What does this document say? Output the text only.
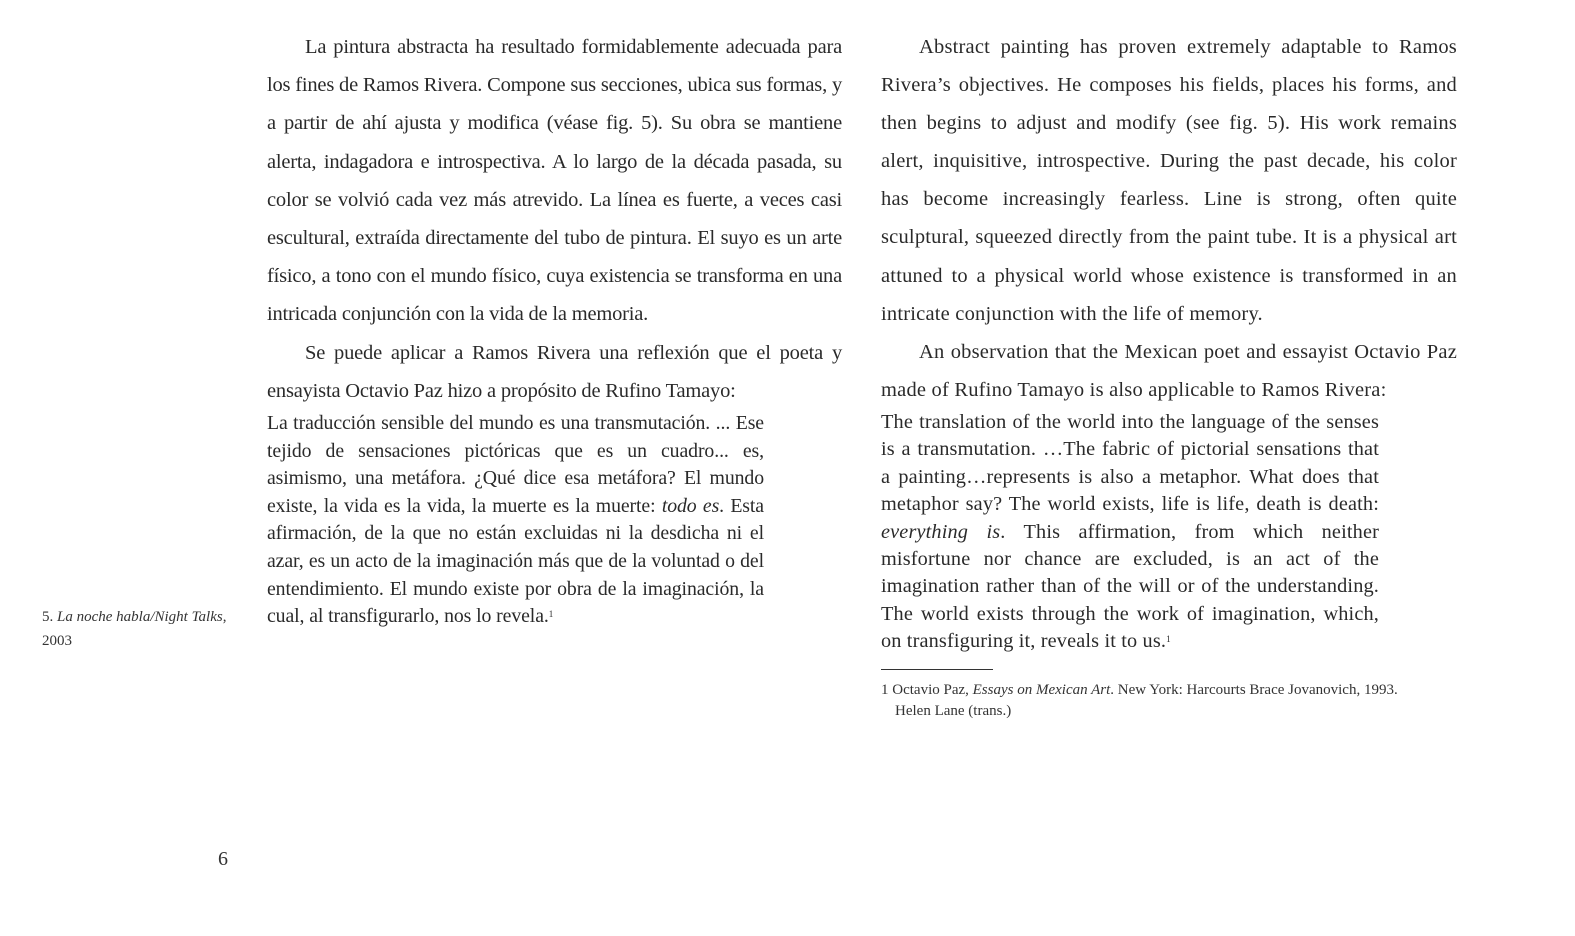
La pintura abstracta ha resultado formidablemente adecuada para los fines de Ramos Rivera. Compone sus secciones, ubica sus formas, y a partir de ahí ajusta y modifica (véase fig. 5). Su obra se mantiene alerta, indagadora e introspectiva. A lo largo de la década pasada, su color se volvió cada vez más atrevido. La línea es fuerte, a veces casi escultural, extraída directamente del tubo de pintura. El suyo es un arte físico, a tono con el mundo físico, cuya existencia se transforma en una intricada conjunción con la vida de la memoria.

Se puede aplicar a Ramos Rivera una reflexión que el poeta y ensayista Octavio Paz hizo a propósito de Rufino Tamayo:

La traducción sensible del mundo es una transmutación. ... Ese tejido de sensaciones pictóricas que es un cuadro... es, asimismo, una metáfora. ¿Qué dice esa metáfora? El mundo existe, la vida es la vida, la muerte es la muerte: todo es. Esta afirmación, de la que no están excluidas ni la desdicha ni el azar, es un acto de la imaginación más que de la voluntad o del entendimiento. El mundo existe por obra de la imaginación, la cual, al transfigurarlo, nos lo revela.$^1$

Abstract painting has proven extremely adaptable to Ramos Rivera’s objectives. He composes his fields, places his forms, and then begins to adjust and modify (see fig. 5). His work remains alert, inquisitive, introspective. During the past decade, his color has become increasingly fearless. Line is strong, often quite sculptural, squeezed directly from the paint tube. It is a physical art attuned to a physical world whose existence is transformed in an intricate conjunction with the life of memory.

An observation that the Mexican poet and essayist Octavio Paz made of Rufino Tamayo is also applicable to Ramos Rivera:

The translation of the world into the language of the senses is a transmutation. …The fabric of pictorial sensations that a painting…represents is also a metaphor. What does that metaphor say? The world exists, life is life, death is death: everything is. This affirmation, from which neither misfortune nor chance are excluded, is an act of the imagination rather than of the will or of the understanding. The world exists through the work of imagination, which, on transfiguring it, reveals it to us.$^1$

1 Octavio Paz, Essays on Mexican Art. New York: Harcourts Brace Jovanovich, 1993.
Helen Lane (trans.)
5. La noche habla/Night Talks, 2003
6
